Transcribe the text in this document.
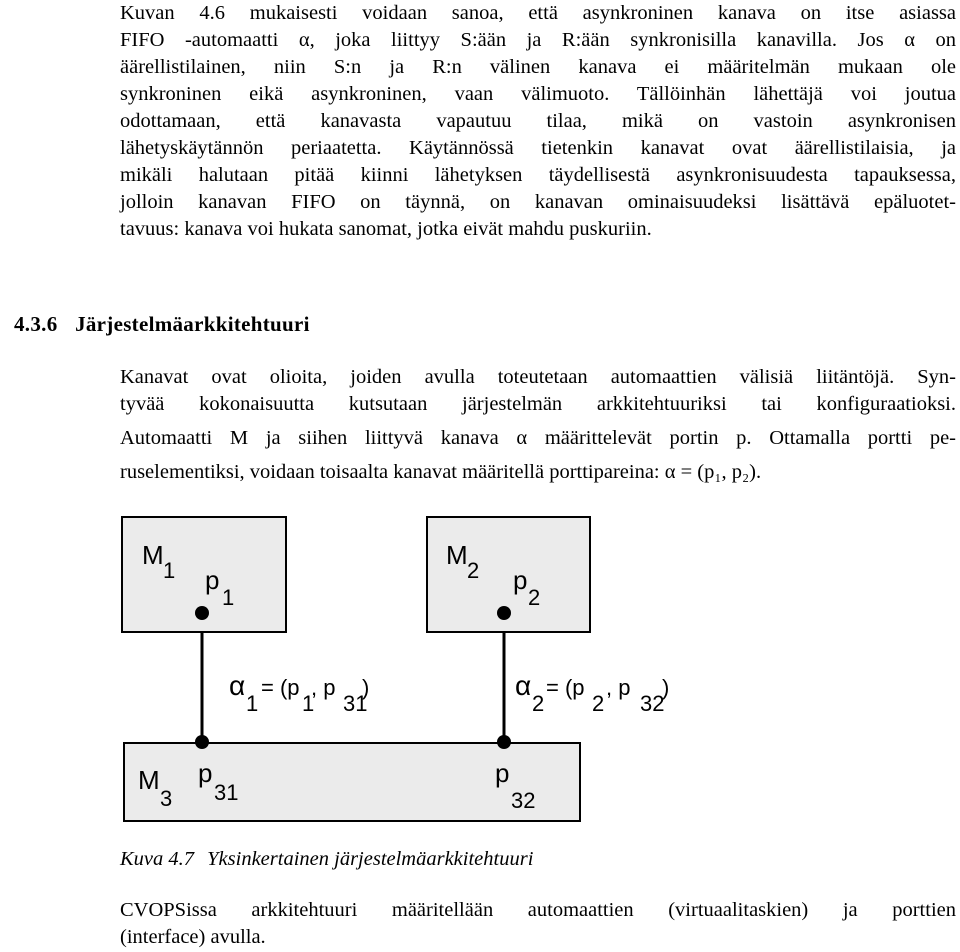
Kuvan 4.6 mukaisesti voidaan sanoa, että asynkroninen kanava on itse asiassa
FIFO -automaatti α, joka liittyy S:ään ja R:ään synkronisilla kanavilla. Jos α on
äärellistilainen, niin S:n ja R:n välinen kanava ei määritelmän mukaan ole
synkroninen eikä asynkroninen, vaan välimuoto. Tällöinhän lähettäjä voi joutua
odottamaan, että kanavasta vapautuu tilaa, mikä on vastoin asynkronisen
lähetyskäytännön periaatetta. Käytännössä tietenkin kanavat ovat äärellistilaisia, ja
mikäli halutaan pitää kiinni lähetyksen täydellisestä asynkronisuudesta tapauksessa,
jolloin kanavan FIFO on täynnä, on kanavan ominaisuudeksi lisättävä epäluotet-
tavuus: kanava voi hukata sanomat, jotka eivät mahdu puskuriin.
4.3.6 Järjestelmäarkkitehtuuri
Kanavat ovat olioita, joiden avulla toteutetaan automaattien välisiä liitäntöjä. Syn-
tyvää kokonaisuutta kutsutaan järjestelmän arkkitehtuuriksi tai konfiguraatioksi.
Automaatti M ja siihen liittyvä kanava α määrittelevät portin p. Ottamalla portti pe-
ruselementiksi, voidaan toisaalta kanavat määritellä porttipareina: α = (p₁, p₂).
M
1 p
1
M
2 p
2
α
1
= (p
1
, p
31
)	α
2
= (p
2
, p
32
)
M
3
p
31
p
32
Kuva 4.7 Yksinkertainen järjestelmäarkkitehtuuri
CVOPSissa arkkitehtuuri määritellään automaattien (virtuaalitaskien) ja porttien
(interface) avulla.
